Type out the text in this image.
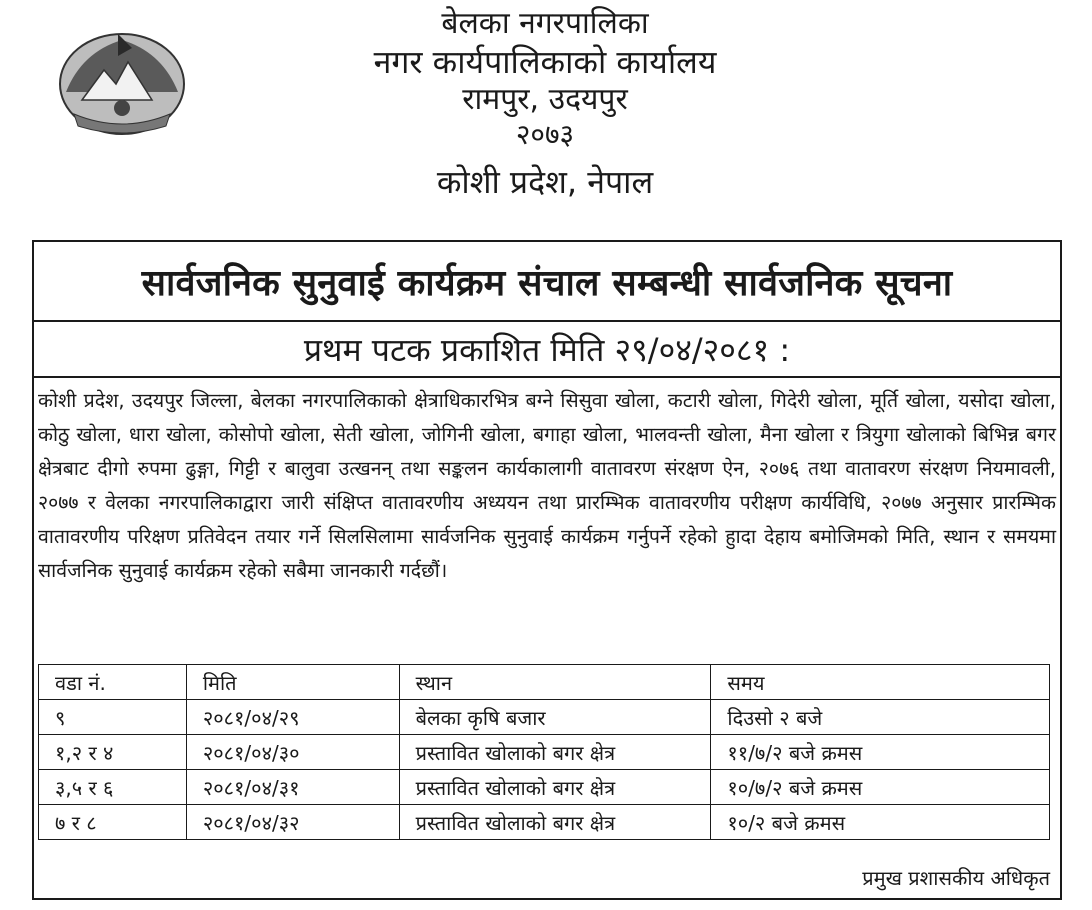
बेलका नगरपालिका
नगर कार्यपालिकाको कार्यालय
रामपुर, उदयपुर
२०७३
कोशी प्रदेश, नेपाल
सार्वजनिक सुनुवाई कार्यक्रम संचाल सम्बन्धी सार्वजनिक सूचना
प्रथम पटक प्रकाशित मिति २९/०४/२०८१ :
कोशी प्रदेश, उदयपुर जिल्ला, बेलका नगरपालिकाको क्षेत्राधिकारभित्र बग्ने सिसुवा खोला, कटारी खोला, गिदेरी खोला, मूर्ति खोला, यसोदा खोला, कोठु खोला, धारा खोला, कोसोपो खोला, सेती खोला, जोगिनी खोला, बगाहा खोला, भालवन्ती खोला, मैना खोला र त्रियुगा खोलाको बिभिन्न बगर क्षेत्रबाट दीगो रुपमा ढुङ्गा, गिट्टी र बालुवा उत्खनन् तथा सङ्कलन कार्यकालागी वातावरण संरक्षण ऐन, २०७६ तथा वातावरण संरक्षण नियमावली, २०७७ र वेलका नगरपालिकाद्वारा जारी संक्षिप्त वातावरणीय अध्ययन तथा प्रारम्भिक वातावरणीय परीक्षण कार्यविधि, २०७७ अनुसार प्रारम्भिक वातावरणीय परिक्षण प्रतिवेदन तयार गर्ने सिलसिलामा सार्वजनिक सुनुवाई कार्यक्रम गर्नुपर्ने रहेको हुादा देहाय बमोजिमको मिति, स्थान र समयमा सार्वजनिक सुनुवाई कार्यक्रम रहेको सबैमा जानकारी गर्दछौं।
वडा नं.	मिति	स्थान	समय
९	२०८१/०४/२९	बेलका कृषि बजार	दिउसो २ बजे
१,२ र ४	२०८१/०४/३०	प्रस्तावित खोलाको बगर क्षेत्र	११/७/२ बजे क्रमस
३,५ र ६	२०८१/०४/३१	प्रस्तावित खोलाको बगर क्षेत्र	१०/७/२ बजे क्रमस
७ र ८	२०८१/०४/३२	प्रस्तावित खोलाको बगर क्षेत्र	१०/२ बजे क्रमस
प्रमुख प्रशासकीय अधिकृत
